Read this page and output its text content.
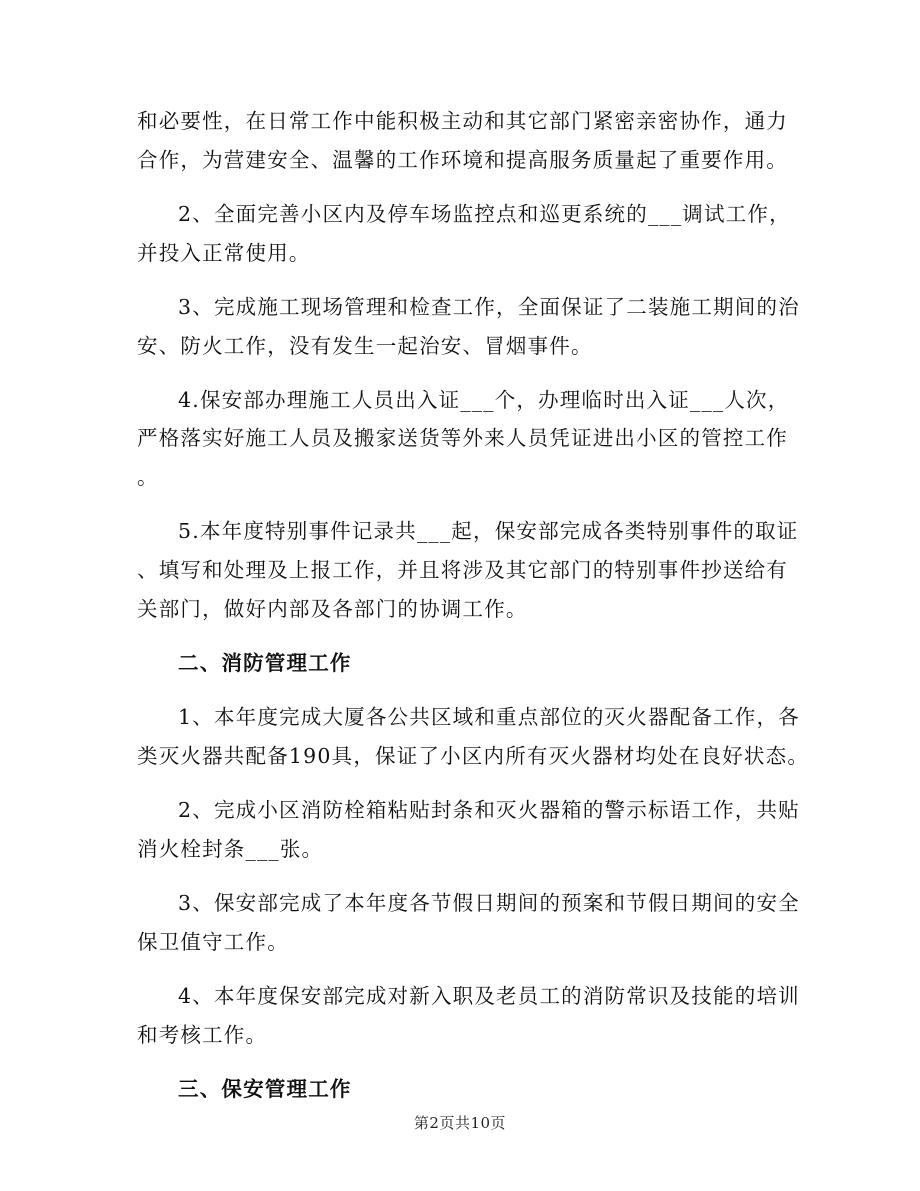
和必要性，在日常工作中能积极主动和其它部门紧密亲密协作，通力
合作，为营建安全、温馨的工作环境和提高服务质量起了重要作用。
2、全面完善小区内及停车场监控点和巡更系统的___调试工作，
并投入正常使用。
3、完成施工现场管理和检查工作，全面保证了二装施工期间的治
安、防火工作，没有发生一起治安、冒烟事件。
4.保安部办理施工人员出入证___个，办理临时出入证___人次，
严格落实好施工人员及搬家送货等外来人员凭证进出小区的管控工作
。
5.本年度特别事件记录共___起，保安部完成各类特别事件的取证
、填写和处理及上报工作，并且将涉及其它部门的特别事件抄送给有
关部门，做好内部及各部门的协调工作。
二、消防管理工作
1、本年度完成大厦各公共区域和重点部位的灭火器配备工作，各
类灭火器共配备190具，保证了小区内所有灭火器材均处在良好状态。
2、完成小区消防栓箱粘贴封条和灭火器箱的警示标语工作，共贴
消火栓封条___张。
3、保安部完成了本年度各节假日期间的预案和节假日期间的安全
保卫值守工作。
4、本年度保安部完成对新入职及老员工的消防常识及技能的培训
和考核工作。
三、保安管理工作
第2页共10页
